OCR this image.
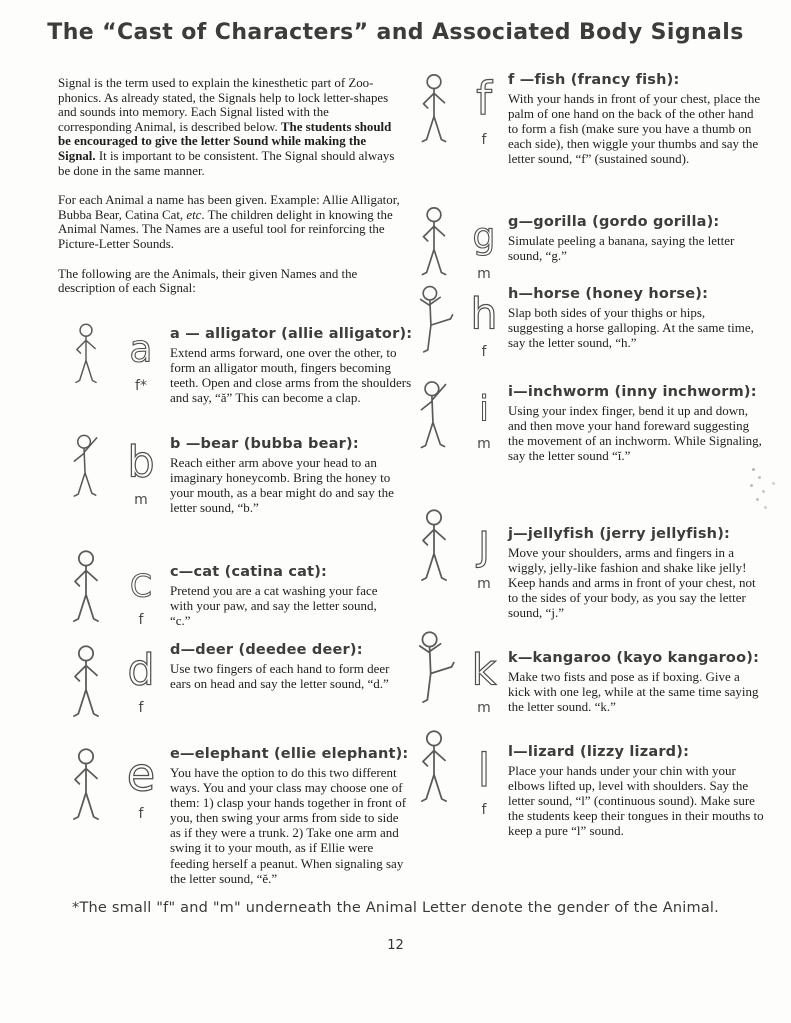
The “Cast of Characters” and Associated Body Signals

Signal is the term used to explain the kinesthetic part of Zoo-phonics. As already stated, the Signals help to lock letter-shapes and sounds into memory. Each Signal listed with the corresponding Animal, is described below. The students should be encouraged to give the letter Sound while making the Signal. It is important to be consistent. The Signal should always be done in the same manner.

For each Animal a name has been given. Example: Allie Alligator, Bubba Bear, Catina Cat, etc. The children delight in knowing the Animal Names. The Names are a useful tool for reinforcing the Picture-Letter Sounds.

The following are the Animals, their given Names and the description of each Signal:

a
f*
a — alligator (allie alligator):
Extend arms forward, one over the other, to form an alligator mouth, fingers becoming teeth. Open and close arms from the shoulders and say, “ă” This can become a clap.
b
m
b —bear (bubba bear):
Reach either arm above your head to an imaginary honeycomb. Bring the honey to your mouth, as a bear might do and say the letter sound, “b.”
C
f
c—cat (catina cat):
Pretend you are a cat washing your face with your paw, and say the letter sound, “c.”
d
f
d—deer (deedee deer):
Use two fingers of each hand to form deer ears on head and say the letter sound, “d.”
e
f
e—elephant (ellie elephant):
You have the option to do this two different ways. You and your class may choose one of them: 1) clasp your hands together in front of you, then swing your arms from side to side as if they were a trunk. 2) Take one arm and swing it to your mouth, as if Ellie were feeding herself a peanut. When signaling say the letter sound, “ĕ.”
f
f
f —fish (francy fish):
With your hands in front of your chest, place the palm of one hand on the back of the other hand to form a fish (make sure you have a thumb on each side), then wiggle your thumbs and say the letter sound, “f” (sustained sound).
g
m
g—gorilla (gordo gorilla):
Simulate peeling a banana, saying the letter sound, “g.”
h
f
h—horse (honey horse):
Slap both sides of your thighs or hips, suggesting a horse galloping. At the same time, say the letter sound, “h.”
i
m
i—inchworm (inny inchworm):
Using your index finger, bend it up and down, and then move your hand foreward suggesting the movement of an inchworm. While Signaling, say the letter sound “ĭ.”
J
m
j—jellyfish (jerry jellyfish):
Move your shoulders, arms and fingers in a wiggly, jelly-like fashion and shake like jelly! Keep hands and arms in front of your chest, not to the sides of your body, as you say the letter sound, “j.”
k
m
k—kangaroo (kayo kangaroo):
Make two fists and pose as if boxing. Give a kick with one leg, while at the same time saying the letter sound. “k.”
l
f
l—lizard (lizzy lizard):
Place your hands under your chin with your elbows lifted up, level with shoulders. Say the letter sound, “l” (continuous sound). Make sure the students keep their tongues in their mouths to keep a pure “l” sound.
*The small "f" and "m" underneath the Animal Letter denote the gender of the Animal.
12
